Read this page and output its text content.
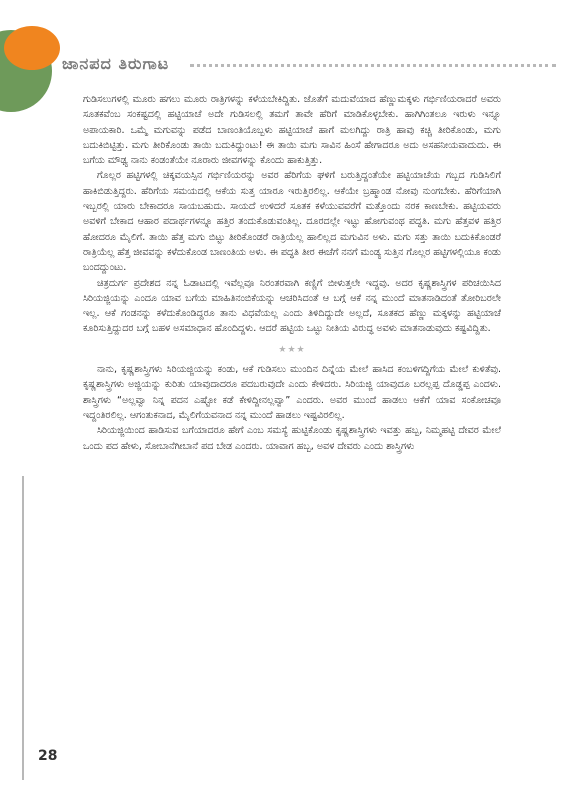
ಜಾನಪದ ತಿರುಗಾಟ

ಗುಡಿಸಲುಗಳಲ್ಲಿ ಮೂರು ಹಗಲು ಮೂರು ರಾತ್ರಿಗಳನ್ನು ಕಳೆಯಬೇಕಿದ್ದಿತು. ಜೊತೆಗೆ ಮದುವೆಯಾದ ಹೆಣ್ಣುಮಕ್ಕಳು ಗರ್ಭಿಣಿಯರಾದರೆ ಅವರು ಸೂತಕವೆಂಬ ಸಂಕಷ್ಟದಲ್ಲಿ ಹಟ್ಟಿಯಾಚೆ ಅದೇ ಗುಡಿಸಲಲ್ಲಿ ತಮಗೆ ತಾವೇ ಹೆರಿಗೆ ಮಾಡಿಕೊಳ್ಳಬೇಕು. ಹಾಗಿಗಿಂತಲೂ ಇರುಳು ಇನ್ನೂ ಅಪಾಯಕಾರಿ. ಒಮ್ಮೆ ಮಗುವನ್ನು ಪಡೆದ ಬಾಣಂತಿಯೊಬ್ಬಳು ಹಟ್ಟಿಯಾಚೆ ಹಾಗೆ ಮಲಗಿದ್ದು ರಾತ್ರಿ ಹಾವು ಕಚ್ಚಿ ತೀರಿಕೊಂಡು, ಮಗು ಬದುಕಿಬಿಟ್ಟಿತ್ತು. ಮಗು ತೀರಿಕೊಂಡು ತಾಯಿ ಬದುಕಿದ್ದುಂಟು! ಈ ತಾಯಿ ಮಗು ಸಾವಿನ ಹಿಂಸೆ ಹೇಗಾದರೂ ಅದು ಅಸಹನೀಯವಾದುದು. ಈ ಬಗೆಯ ಮೌಢ್ಯ ನಾನು ಕಂಡಂತೆಯೇ ನೂರಾರು ಜೀವಗಳನ್ನು ಕೊಂದು ಹಾಕುತ್ತಿತ್ತು.

ಗೊಲ್ಲರ ಹಟ್ಟಿಗಳಲ್ಲಿ ಚಿಕ್ಕವಯಸ್ಸಿನ ಗರ್ಭಿಣಿಯರನ್ನು ಅವರ ಹೆರಿಗೆಯ ಘಳಿಗೆ ಬರುತ್ತಿದ್ದಂತೆಯೇ ಹಟ್ಟಿಯಾಚೆಯ ಗಬ್ಬದ ಗುಡಿಸಿಲಿಗೆ ಹಾಕಿಬಿಡುತ್ತಿದ್ದರು. ಹೆರಿಗೆಯ ಸಮಯದಲ್ಲಿ ಆಕೆಯ ಸುತ್ತ ಯಾರೂ ಇರುತ್ತಿರಲಿಲ್ಲ. ಆಕೆಯೇ ಬ್ರಹ್ಮಾಂಡ ನೋವು ನುಂಗಬೇಕು. ಹೆರಿಗೆಯಾಗಿ ಇಬ್ಬರಲ್ಲಿ ಯಾರು ಬೇಕಾದರೂ ಸಾಯಬಹುದು. ಸಾಯದೆ ಉಳಿದರೆ ಸೂತಕ ಕಳೆಯುವವರೆಗೆ ಮತ್ತೊಂದು ನರಕ ಕಾಣಬೇಕು. ಹಟ್ಟಿಯವರು ಅವಳಿಗೆ ಬೇಕಾದ ಆಹಾರ ಪದಾರ್ಥಗಳನ್ನೂ ಹತ್ತಿರ ತಂದುಕೊಡುವಂತಿಲ್ಲ. ದೂರದಲ್ಲೇ ಇಟ್ಟು ಹೋಗುವಂಥ ಪದ್ಧತಿ. ಮಗು ಹೆತ್ತವಳ ಹತ್ತಿರ ಹೋದರೂ ಮೈಲಿಗೆ. ತಾಯಿ ಹೆತ್ತ ಮಗು ಬಿಟ್ಟು ತೀರಿಕೊಂಡರೆ ರಾತ್ರಿಯೆಲ್ಲ ಹಾಲಿಲ್ಲದ ಮಗುವಿನ ಅಳು. ಮಗು ಸತ್ತು ತಾಯಿ ಬದುಕಿಕೊಂಡರೆ ರಾತ್ರಿಯೆಲ್ಲ ಹೆತ್ತ ಜೀವವನ್ನು ಕಳೆದುಕೊಂಡ ಬಾಣಂತಿಯ ಅಳು. ಈ ಪದ್ಧತಿ ತೀರ ಈಚೆಗೆ ನನಗೆ ಮಂಡ್ಯ ಸುತ್ತಿನ ಗೊಲ್ಲರ ಹಟ್ಟಿಗಳಲ್ಲಿಯೂ ಕಂಡು ಬಂದದ್ದುಂಟು.

ಚಿತ್ರದುರ್ಗ ಪ್ರದೇಶದ ನನ್ನ ಓಡಾಟದಲ್ಲಿ ಇವೆಲ್ಲವೂ ನಿರಂತರವಾಗಿ ಕಣ್ಣಿಗೆ ಬೀಳುತ್ತಲೇ ಇದ್ದವು. ಅದರ ಕೃಷ್ಣಶಾಸ್ತ್ರಿಗಳ ಪರಿಚಯಿಸಿದ ಸಿರಿಯಜ್ಜಿಯನ್ನು ಎಂದೂ ಯಾವ ಬಗೆಯ ಮಾಹಿತಿನಂಬಿಕೆಯನ್ನು ಆಚರಿಸಿದಂತೆ ಆ ಬಗ್ಗೆ ಆಕೆ ನನ್ನ ಮುಂದೆ ಮಾತನಾಡಿದಂತೆ ತೋರಿಬರಲೇ ಇಲ್ಲ. ಆಕೆ ಗಂಡನನ್ನು ಕಳೆದುಕೊಂಡಿದ್ದರೂ ತಾನು ವಿಧವೆಯಲ್ಲ ಎಂದು ತಿಳಿದಿದ್ದುದೇ ಅಲ್ಲದೆ, ಸೂತಕದ ಹೆಣ್ಣು ಮಕ್ಕಳನ್ನು ಹಟ್ಟಿಯಾಚೆ ಕೂರಿಸುತ್ತಿದ್ದುದರ ಬಗ್ಗೆ ಬಹಳ ಅಸಮಾಧಾನ ಹೊಂದಿದ್ದಳು. ಆದರೆ ಹಟ್ಟಿಯ ಒಟ್ಟು ನೀತಿಯ ವಿರುದ್ಧ ಅವಳು ಮಾತನಾಡುವುದು ಕಷ್ಟವಿದ್ದಿತು.

★★★

ನಾನು, ಕೃಷ್ಣಶಾಸ್ತ್ರಿಗಳು ಸಿರಿಯಜ್ಜಿಯನ್ನು ಕಂಡು, ಆಕೆ ಗುಡಿಸಲು ಮುಂದಿನ ದಿನ್ನೆಯ ಮೇಲೆ ಹಾಸಿದ ಕಂಬಳಿಗದ್ದಿಗೆಯ ಮೇಲೆ ಕುಳಿತೆವು. ಕೃಷ್ಣಶಾಸ್ತ್ರಿಗಳು ಅಜ್ಜಿಯನ್ನು ಕುರಿತು ಯಾವುದಾದರೂ ಪದಬರುವುದೇ ಎಂದು ಕೇಳಿದರು. ಸಿರಿಯಜ್ಜಿ ಯಾವುದೂ ಬರಲ್ಲಪ್ಪ ದೊಡ್ಡಪ್ಪ ಎಂದಳು. ಶಾಸ್ತ್ರಿಗಳು “ಅಲ್ಲವ್ವಾ ನಿನ್ನ ಪದನ ಎಷ್ಟೋ ಕಡೆ ಕೇಳಿದ್ದೀನಲ್ಲವ್ವಾ” ಎಂದರು. ಅವರ ಮುಂದೆ ಹಾಡಲು ಆಕೆಗೆ ಯಾವ ಸಂಕೋಚವೂ ಇದ್ದಂತಿರಲಿಲ್ಲ. ಆಗಂತುಕನಾದ, ಮೈಲಿಗೆಯವನಾದ ನನ್ನ ಮುಂದೆ ಹಾಡಲು ಇಷ್ಟವಿರಲಿಲ್ಲ.

ಸಿರಿಯಜ್ಜಿಯಿಂದ ಹಾಡಿಸುವ ಬಗೆಯಾದರೂ ಹೇಗೆ ಎಂಬ ಸಮಸ್ಯೆ ಹುಟ್ಟಿಕೊಂಡು ಕೃಷ್ಣಶಾಸ್ತ್ರಿಗಳು ಇವತ್ತು ಹಬ್ಬ, ನಿಮ್ಮಹಟ್ಟಿ ದೇವರ ಮೇಲೆ ಒಂದು ಪದ ಹೇಳು, ಸೋಬಾನೆಗೀಬಾನೆ ಪದ ಬೇಡ ಎಂದರು. ಯಾವಾಗ ಹಬ್ಬ, ಅವಳ ದೇವರು ಎಂದು ಶಾಸ್ತ್ರಿಗಳು

28
